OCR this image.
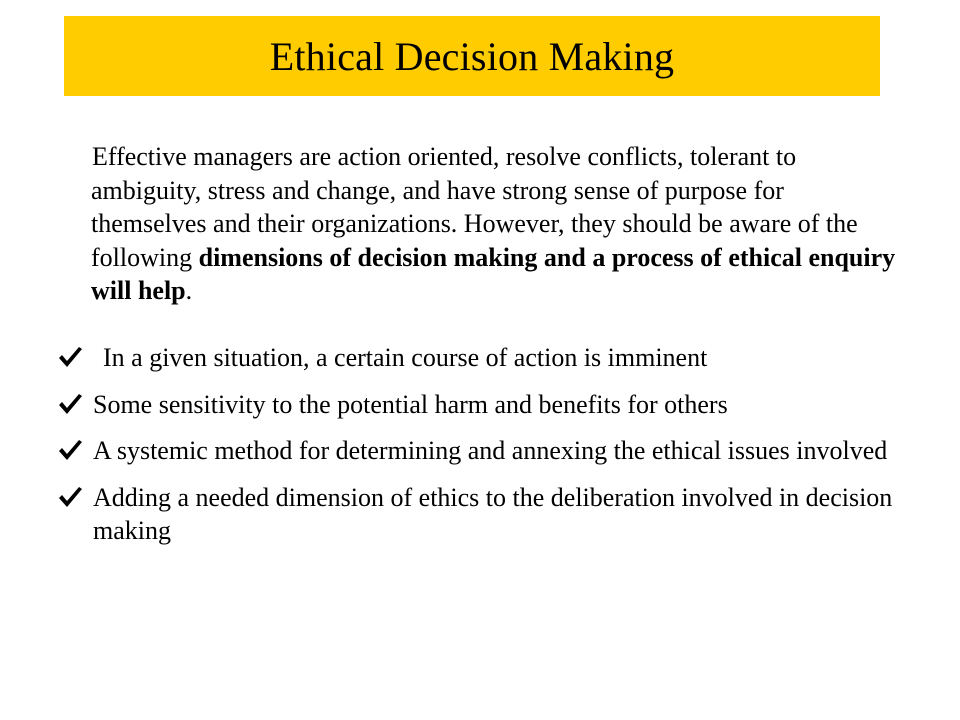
Ethical Decision Making

Effective managers are action oriented, resolve conflicts, tolerant to ambiguity, stress and change, and have strong sense of purpose for themselves and their organizations. However, they should be aware of the following dimensions of decision making and a process of ethical enquiry will help.

In a given situation, a certain course of action is imminent
Some sensitivity to the potential harm and benefits for others
A systemic method for determining and annexing the ethical issues involved
Adding a needed dimension of ethics to the deliberation involved in decision making
